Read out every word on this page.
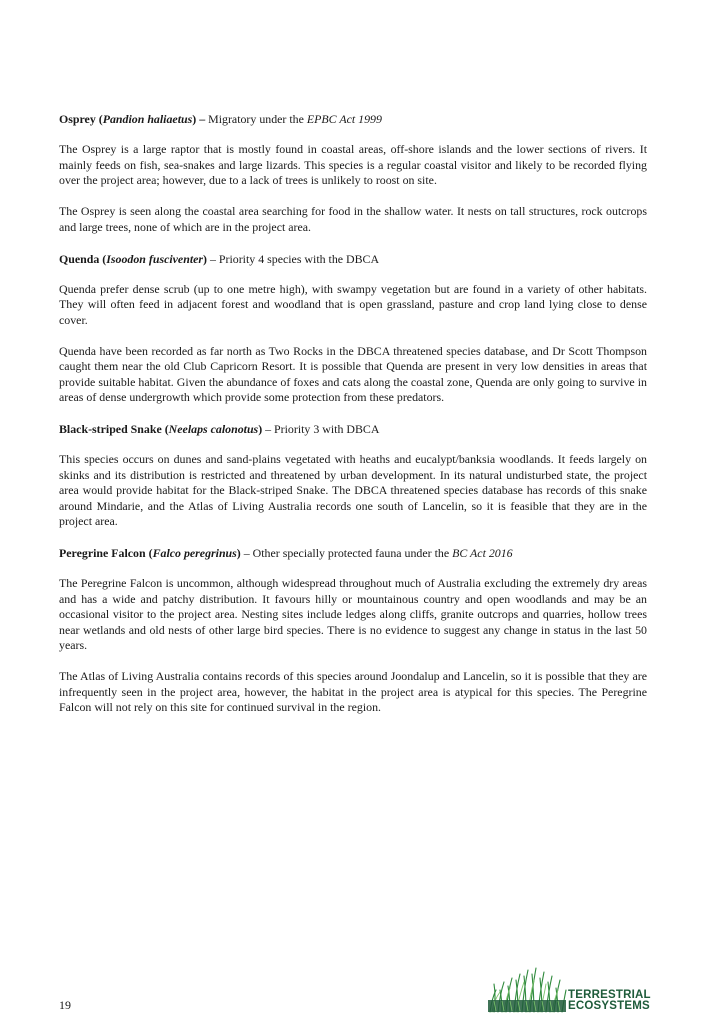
Osprey (Pandion haliaetus) – Migratory under the EPBC Act 1999

The Osprey is a large raptor that is mostly found in coastal areas, off-shore islands and the lower sections of rivers. It mainly feeds on fish, sea-snakes and large lizards. This species is a regular coastal visitor and likely to be recorded flying over the project area; however, due to a lack of trees is unlikely to roost on site.

The Osprey is seen along the coastal area searching for food in the shallow water. It nests on tall structures, rock outcrops and large trees, none of which are in the project area.

Quenda (Isoodon fusciventer) – Priority 4 species with the DBCA

Quenda prefer dense scrub (up to one metre high), with swampy vegetation but are found in a variety of other habitats. They will often feed in adjacent forest and woodland that is open grassland, pasture and crop land lying close to dense cover.

Quenda have been recorded as far north as Two Rocks in the DBCA threatened species database, and Dr Scott Thompson caught them near the old Club Capricorn Resort. It is possible that Quenda are present in very low densities in areas that provide suitable habitat. Given the abundance of foxes and cats along the coastal zone, Quenda are only going to survive in areas of dense undergrowth which provide some protection from these predators.

Black-striped Snake (Neelaps calonotus) – Priority 3 with DBCA

This species occurs on dunes and sand-plains vegetated with heaths and eucalypt/banksia woodlands. It feeds largely on skinks and its distribution is restricted and threatened by urban development. In its natural undisturbed state, the project area would provide habitat for the Black-striped Snake. The DBCA threatened species database has records of this snake around Mindarie, and the Atlas of Living Australia records one south of Lancelin, so it is feasible that they are in the project area.

Peregrine Falcon (Falco peregrinus) – Other specially protected fauna under the BC Act 2016

The Peregrine Falcon is uncommon, although widespread throughout much of Australia excluding the extremely dry areas and has a wide and patchy distribution. It favours hilly or mountainous country and open woodlands and may be an occasional visitor to the project area. Nesting sites include ledges along cliffs, granite outcrops and quarries, hollow trees near wetlands and old nests of other large bird species. There is no evidence to suggest any change in status in the last 50 years.

The Atlas of Living Australia contains records of this species around Joondalup and Lancelin, so it is possible that they are infrequently seen in the project area, however, the habitat in the project area is atypical for this species. The Peregrine Falcon will not rely on this site for continued survival in the region.

19
TERRESTRIAL
ECOSYSTEMS
